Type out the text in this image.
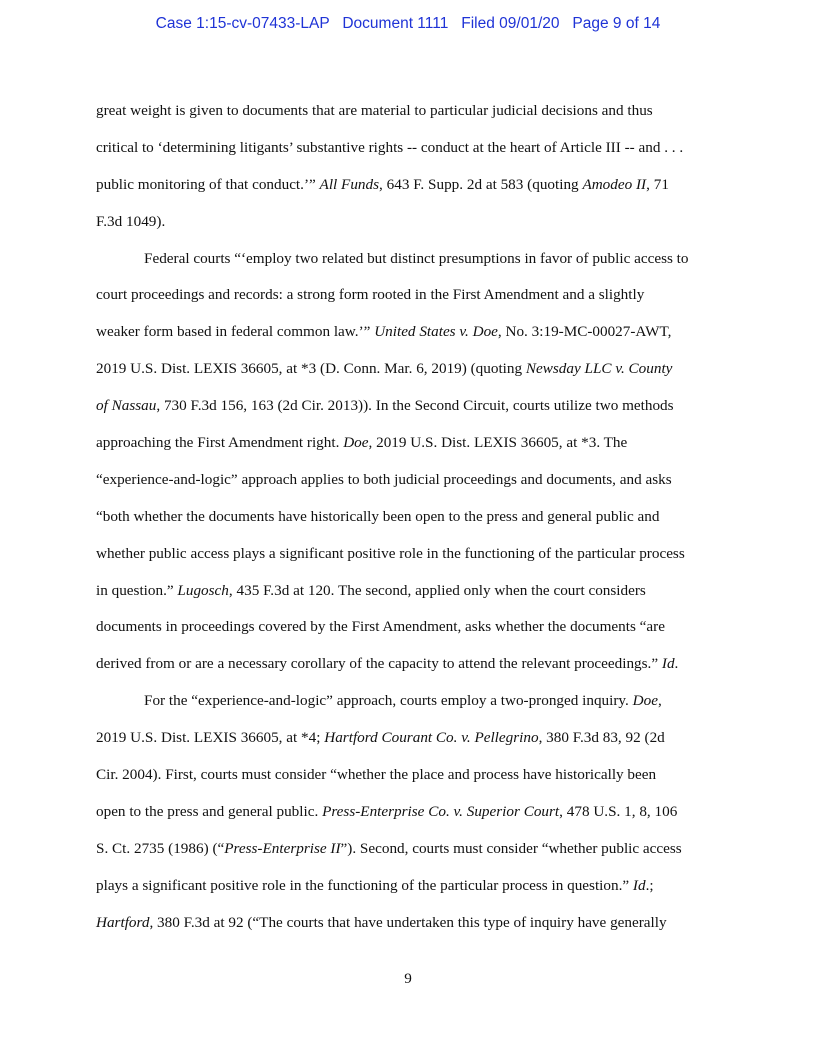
Case 1:15-cv-07433-LAP   Document 1111   Filed 09/01/20   Page 9 of 14
great weight is given to documents that are material to particular judicial decisions and thus
critical to ‘determining litigants’ substantive rights -- conduct at the heart of Article III -- and . . .
public monitoring of that conduct.’” All Funds, 643 F. Supp. 2d at 583 (quoting Amodeo II, 71
F.3d 1049).
Federal courts “‘employ two related but distinct presumptions in favor of public access to
court proceedings and records: a strong form rooted in the First Amendment and a slightly
weaker form based in federal common law.’” United States v. Doe, No. 3:19-MC-00027-AWT,
2019 U.S. Dist. LEXIS 36605, at *3 (D. Conn. Mar. 6, 2019) (quoting Newsday LLC v. County
of Nassau, 730 F.3d 156, 163 (2d Cir. 2013)). In the Second Circuit, courts utilize two methods
approaching the First Amendment right. Doe, 2019 U.S. Dist. LEXIS 36605, at *3. The
“experience-and-logic” approach applies to both judicial proceedings and documents, and asks
“both whether the documents have historically been open to the press and general public and
whether public access plays a significant positive role in the functioning of the particular process
in question.” Lugosch, 435 F.3d at 120. The second, applied only when the court considers
documents in proceedings covered by the First Amendment, asks whether the documents “are
derived from or are a necessary corollary of the capacity to attend the relevant proceedings.” Id.
For the “experience-and-logic” approach, courts employ a two-pronged inquiry. Doe,
2019 U.S. Dist. LEXIS 36605, at *4; Hartford Courant Co. v. Pellegrino, 380 F.3d 83, 92 (2d
Cir. 2004). First, courts must consider “whether the place and process have historically been
open to the press and general public. Press-Enterprise Co. v. Superior Court, 478 U.S. 1, 8, 106
S. Ct. 2735 (1986) (“Press-Enterprise II”). Second, courts must consider “whether public access
plays a significant positive role in the functioning of the particular process in question.” Id.;
Hartford, 380 F.3d at 92 (“The courts that have undertaken this type of inquiry have generally
9
